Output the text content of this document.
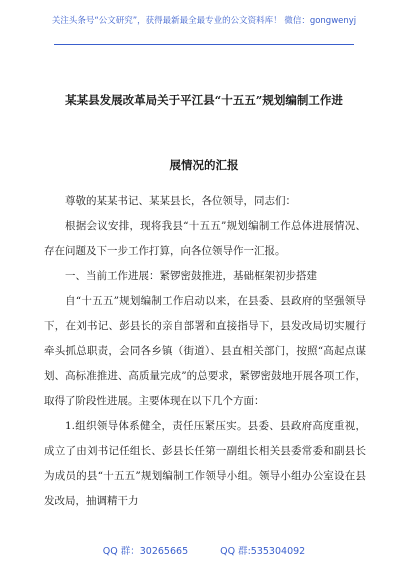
关注头条号“公文研究”，获得最新最全最专业的公文资料库！ 微信：gongwenyj
某某县发展改革局关于平江县“十五五”规划编制工作进
展情况的汇报

尊敬的某某书记、某某县长，各位领导，同志们：

根据会议安排，现将我县“十五五”规划编制工作总体进展情况、存在问题及下一步工作打算，向各位领导作一汇报。

一、当前工作进展：紧锣密鼓推进，基础框架初步搭建

自“十五五”规划编制工作启动以来，在县委、县政府的坚强领导下，在刘书记、彭县长的亲自部署和直接指导下，县发改局切实履行牵头抓总职责，会同各乡镇（街道）、县直相关部门，按照“高起点谋划、高标准推进、高质量完成”的总要求，紧锣密鼓地开展各项工作，取得了阶段性进展。主要体现在以下几个方面：

1.组织领导体系健全，责任压紧压实。县委、县政府高度重视，成立了由刘书记任组长、彭县长任第一副组长相关县委常委和副县长为成员的县“十五五”规划编制工作领导小组。领导小组办公室设在县发改局，抽调精干力

QQ 群：30265665	QQ 群:535304092
